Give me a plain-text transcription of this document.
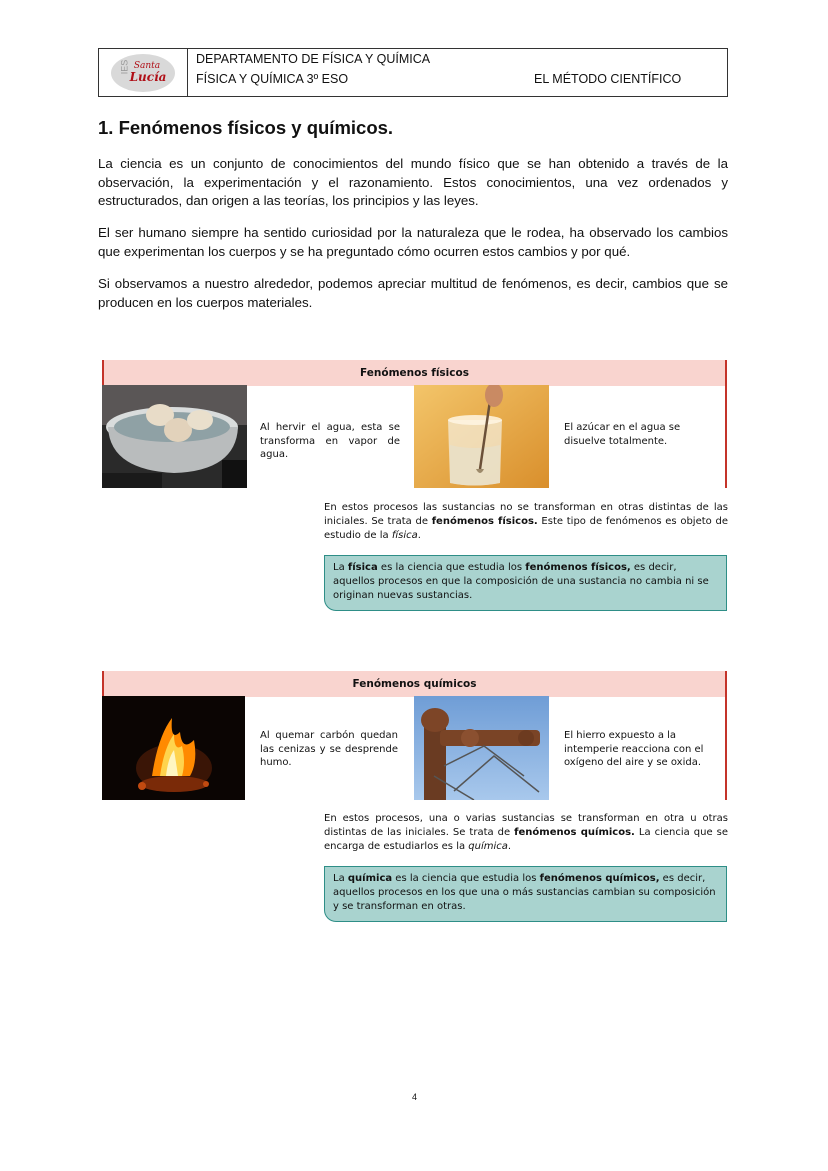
IES Santa
Lucía
DEPARTAMENTO DE FÍSICA Y QUÍMICA
FÍSICA Y QUÍMICA 3º ESO	EL MÉTODO CIENTÍFICO
1. Fenómenos físicos y químicos.

La ciencia es un conjunto de conocimientos del mundo físico que se han obtenido a través de la observación, la experimentación y el razonamiento. Estos conocimientos, una vez ordenados y estructurados, dan origen a las teorías, los principios y las leyes.

El ser humano siempre ha sentido curiosidad por la naturaleza que le rodea, ha observado los cambios que experimentan los cuerpos y se ha preguntado cómo ocurren estos cambios y por qué.

Si observamos a nuestro alrededor, podemos apreciar multitud de fenómenos, es decir, cambios que se producen en los cuerpos materiales.

Fenómenos físicos
Al hervir el agua, esta se transforma en vapor de agua.
El azúcar en el agua se disuelve totalmente.
En estos procesos las sustancias no se transforman en otras distintas de las iniciales. Se trata de fenómenos físicos. Este tipo de fenómenos es objeto de estudio de la física.
La física es la ciencia que estudia los fenómenos físicos, es decir, aquellos procesos en que la composición de una sustancia no cambia ni se originan nuevas sustancias.
Fenómenos químicos
Al quemar carbón quedan las cenizas y se desprende humo.
El hierro expuesto a la intemperie reacciona con el oxígeno del aire y se oxida.
En estos procesos, una o varias sustancias se transforman en otra u otras distintas de las iniciales. Se trata de fenómenos químicos. La ciencia que se encarga de estudiarlos es la química.
La química es la ciencia que estudia los fenómenos químicos, es decir, aquellos procesos en los que una o más sustancias cambian su composición y se transforman en otras.
4
